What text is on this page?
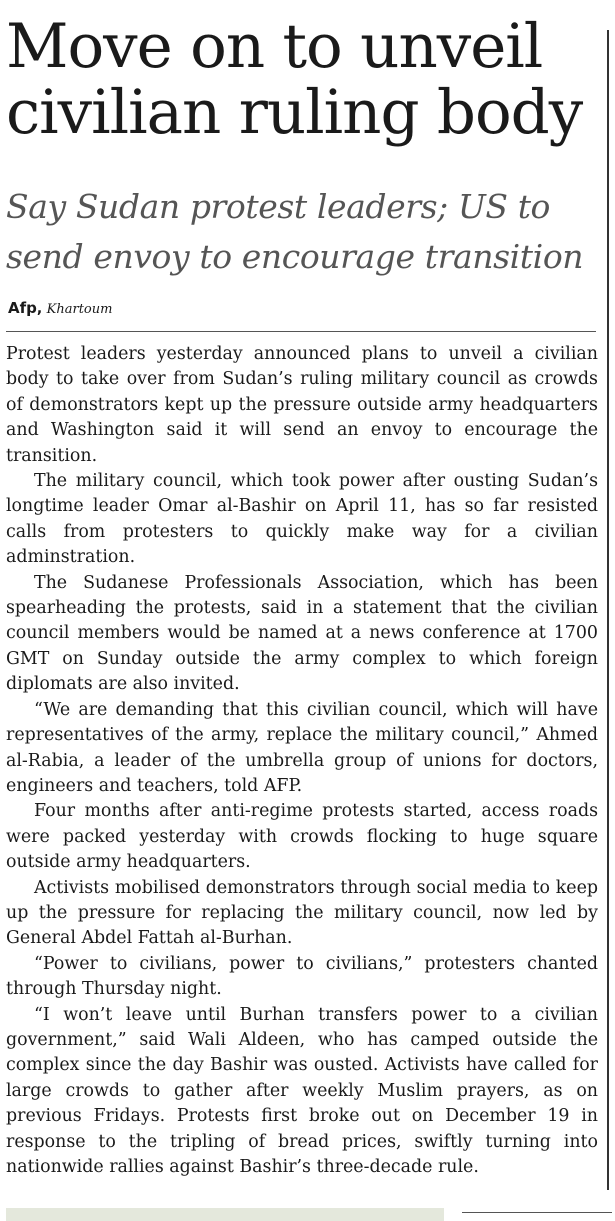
Move on to unveil civilian ruling body
Say Sudan protest leaders; US to send envoy to encourage transition
Afp, Khartoum

Protest leaders yesterday announced plans to unveil a civilian body to take over from Sudan’s ruling military council as crowds of demonstrators kept up the pressure outside army headquarters and Washington said it will send an envoy to encourage the transition.

The military council, which took power after ousting Sudan’s longtime leader Omar al-Bashir on April 11, has so far resisted calls from protesters to quickly make way for a civilian adminstration.

The Sudanese Professionals Association, which has been spearheading the protests, said in a statement that the civilian council members would be named at a news conference at 1700 GMT on Sunday outside the army complex to which foreign diplomats are also invited.

“We are demanding that this civilian council, which will have representatives of the army, replace the military council,” Ahmed al-Rabia, a leader of the umbrella group of unions for doctors, engineers and teachers, told AFP.

Four months after anti-regime protests started, access roads were packed yesterday with crowds flocking to huge square outside army headquarters.

Activists mobilised demonstrators through social media to keep up the pressure for replacing the military council, now led by General Abdel Fattah al-Burhan.

“Power to civilians, power to civilians,” protesters chanted through Thursday night.

“I won’t leave until Burhan transfers power to a civilian government,” said Wali Aldeen, who has camped outside the complex since the day Bashir was ousted. Activists have called for large crowds to gather after weekly Muslim prayers, as on previous Fridays. Protests first broke out on December 19 in response to the tripling of bread prices, swiftly turning into nationwide rallies against Bashir’s three-decade rule.
